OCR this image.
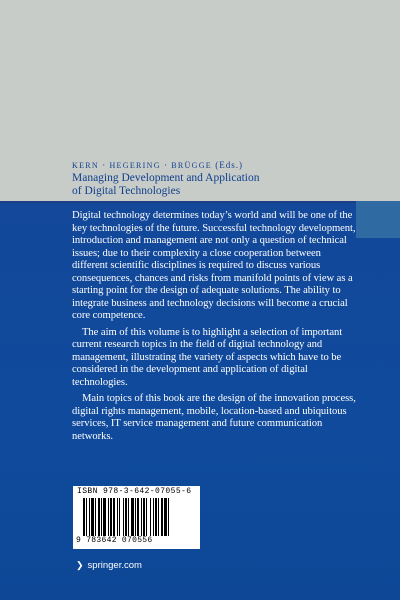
KERN · HEGERING · BRÜGGE (Eds.)
Managing Development and Application
of Digital Technologies

Digital technology determines today’s world and will be one of the key technologies of the future. Successful technology development, introduction and management are not only a question of technical issues; due to their complexity a close cooperation between different scientific disciplines is required to discuss various consequences, chances and risks from manifold points of view as a starting point for the design of adequate solutions. The ability to integrate business and technology decisions will become a crucial core competence.

The aim of this volume is to highlight a selection of important current research topics in the field of digital technology and management, illustrating the variety of aspects which have to be considered in the development and application of digital technologies.

Main topics of this book are the design of the innovation process, digital rights management, mobile, location-based and ubiquitous services, IT service management and future communication networks.

ISBN 978-3-642-07055-6
9 783642 070556
❯ springer.com
